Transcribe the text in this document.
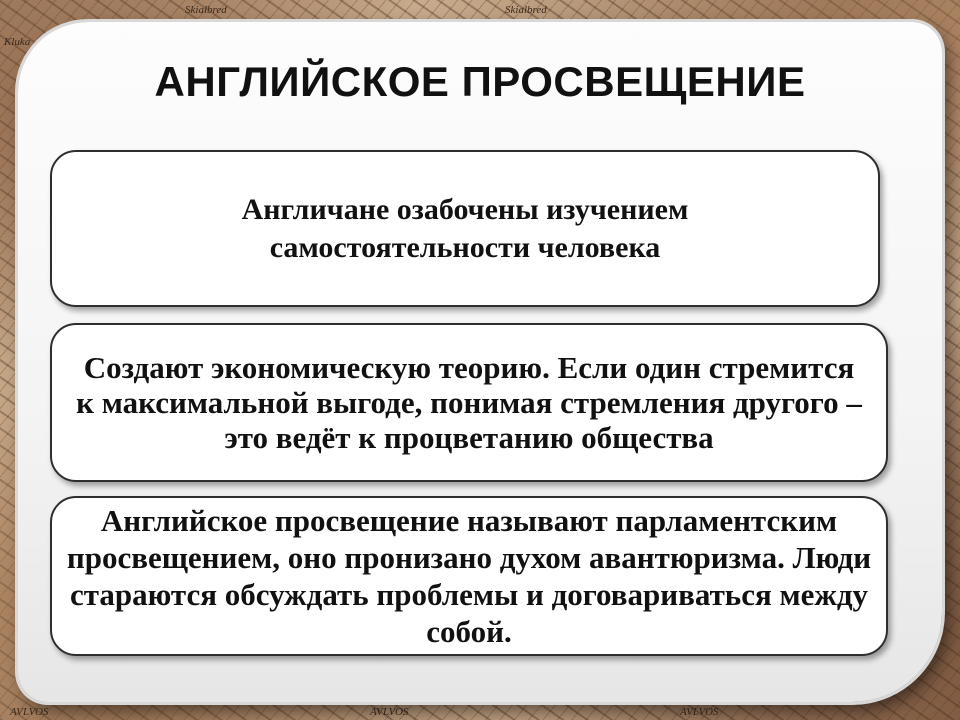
Skialbred	Skialbred
Kluka
AVLVOS	AVLVOS	AVLVOS
АНГЛИЙСКОЕ ПРОСВЕЩЕНИЕ
Англичане озабочены изучением самостоятельности человека
Создают экономическую теорию. Если один стремится к максимальной выгоде, понимая стремления другого – это ведёт к процветанию общества
Английское просвещение называют парламентским просвещением, оно пронизано духом авантюризма. Люди стараются обсуждать проблемы и договариваться между собой.
